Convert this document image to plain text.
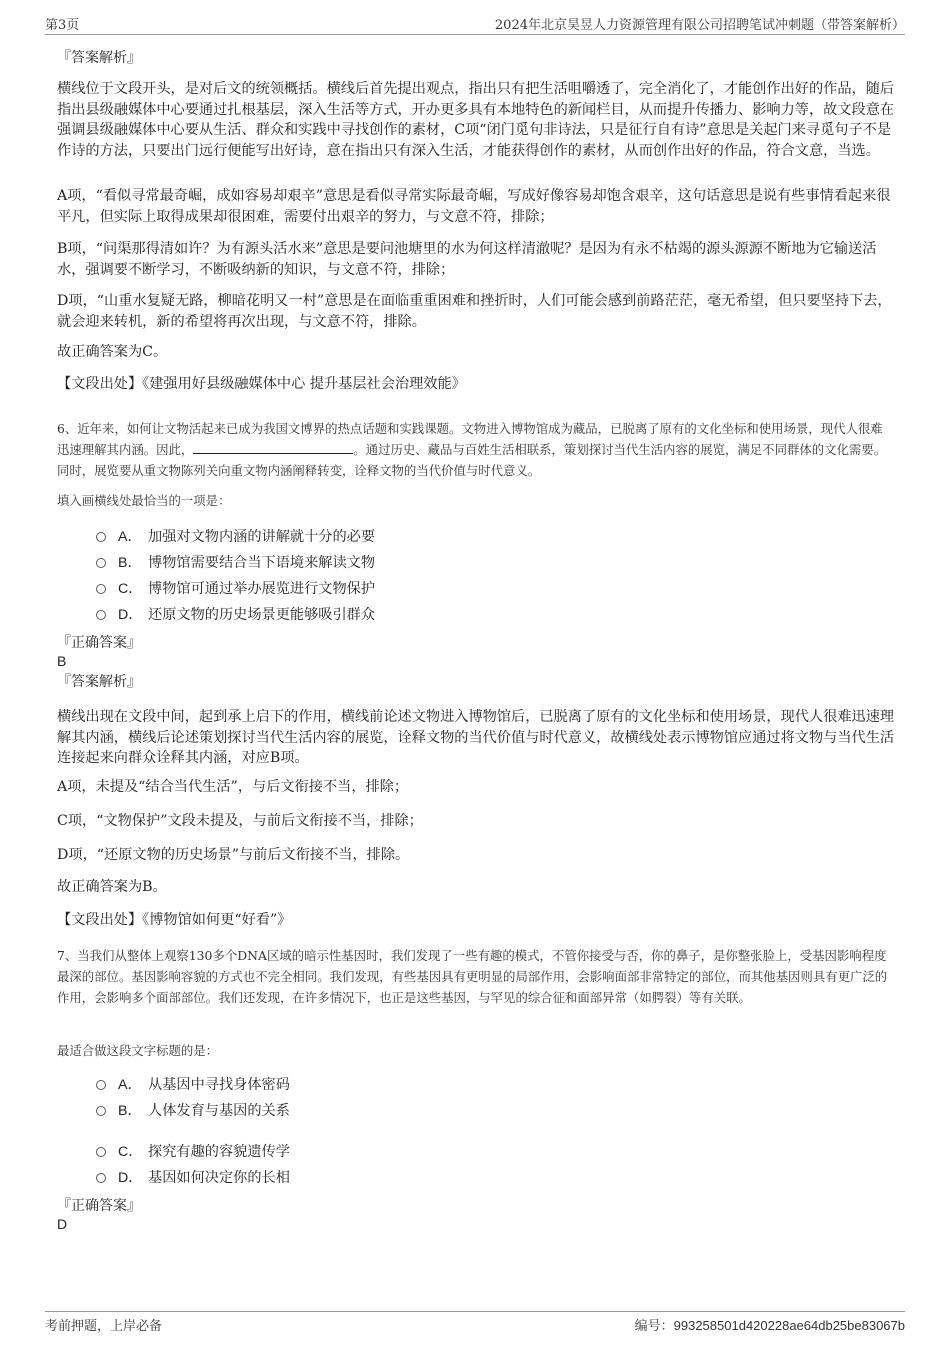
第3页	2024年北京昊昱人力资源管理有限公司招聘笔试冲刺题（带答案解析）
『答案解析』
横线位于文段开头，是对后文的统领概括。横线后首先提出观点，指出只有把生活咀嚼透了，完全消化了，才能创作出好的作品，随后指出县级融媒体中心要通过扎根基层，深入生活等方式，开办更多具有本地特色的新闻栏目，从而提升传播力、影响力等，故文段意在强调县级融媒体中心要从生活、群众和实践中寻找创作的素材，C项“闭门觅句非诗法，只是征行自有诗”意思是关起门来寻觅句子不是作诗的方法，只要出门远行便能写出好诗，意在指出只有深入生活，才能获得创作的素材，从而创作出好的作品，符合文意，当选。
A项，“看似寻常最奇崛，成如容易却艰辛”意思是看似寻常实际最奇崛，写成好像容易却饱含艰辛，这句话意思是说有些事情看起来很平凡，但实际上取得成果却很困难，需要付出艰辛的努力，与文意不符，排除；
B项，“问渠那得清如许？为有源头活水来”意思是要问池塘里的水为何这样清澈呢？是因为有永不枯竭的源头源源不断地为它输送活水，强调要不断学习，不断吸纳新的知识，与文意不符，排除；
D项，“山重水复疑无路，柳暗花明又一村”意思是在面临重重困难和挫折时，人们可能会感到前路茫茫，毫无希望，但只要坚持下去，就会迎来转机，新的希望将再次出现，与文意不符，排除。
故正确答案为C。
【文段出处】《建强用好县级融媒体中心 提升基层社会治理效能》
6、近年来，如何让文物活起来已成为我国文博界的热点话题和实践课题。文物进入博物馆成为藏品，已脱离了原有的文化坐标和使用场景，现代人很难迅速理解其内涵。因此，	。通过历史、藏品与百姓生活相联系，策划探讨当代生活内容的展览，满足不同群体的文化需要。同时，展览要从重文物陈列关向重文物内涵阐释转变，诠释文物的当代价值与时代意义。
填入画横线处最恰当的一项是：
A． 加强对文物内涵的讲解就十分的必要
B． 博物馆需要结合当下语境来解读文物
C． 博物馆可通过举办展览进行文物保护
D． 还原文物的历史场景更能够吸引群众
『正确答案』
B
『答案解析』
横线出现在文段中间，起到承上启下的作用，横线前论述文物进入博物馆后，已脱离了原有的文化坐标和使用场景，现代人很难迅速理解其内涵，横线后论述策划探讨当代生活内容的展览，诠释文物的当代价值与时代意义，故横线处表示博物馆应通过将文物与当代生活连接起来向群众诠释其内涵，对应B项。
A项，未提及“结合当代生活”，与后文衔接不当，排除；
C项，“文物保护”文段未提及，与前后文衔接不当，排除；
D项，“还原文物的历史场景”与前后文衔接不当，排除。
故正确答案为B。
【文段出处】《博物馆如何更“好看”》
7、当我们从整体上观察130多个DNA区域的暗示性基因时，我们发现了一些有趣的模式，不管你接受与否，你的鼻子，是你整张脸上，受基因影响程度最深的部位。基因影响容貌的方式也不完全相同。我们发现，有些基因具有更明显的局部作用，会影响面部非常特定的部位，而其他基因则具有更广泛的作用，会影响多个面部部位。我们还发现，在许多情况下，也正是这些基因，与罕见的综合征和面部异常（如腭裂）等有关联。
最适合做这段文字标题的是：
A． 从基因中寻找身体密码
B． 人体发育与基因的关系
C． 探究有趣的容貌遗传学
D． 基因如何决定你的长相
『正确答案』
D
考前押题，上岸必备	编号：993258501d420228ae64db25be83067b
